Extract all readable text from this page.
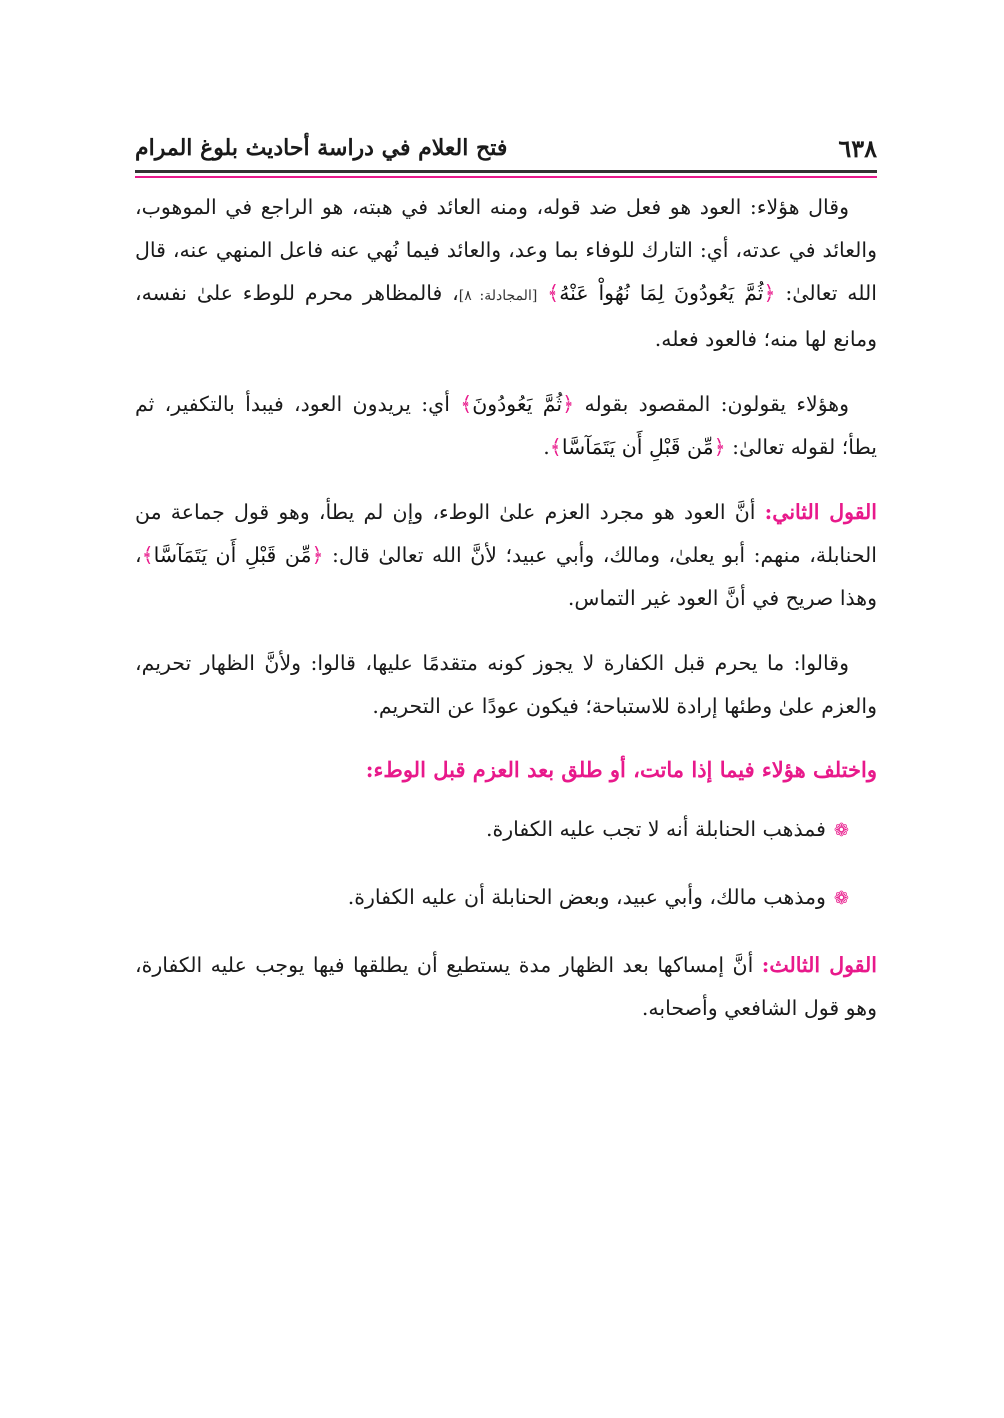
٦٣٨
فتح العلام في دراسة أحاديث بلوغ المرام

وقال هؤلاء: العود هو فعل ضد قوله، ومنه العائد في هبته، هو الراجع في الموهوب، والعائد في عدته، أي: التارك للوفاء بما وعد، والعائد فيما نُهي عنه فاعل المنهي عنه، قال الله تعالىٰ: ﴿ثُمَّ يَعُودُونَ لِمَا نُهُواْ عَنْهُ﴾ [المجادلة: ٨]، فالمظاهر محرم للوطء علىٰ نفسه، ومانع لها منه؛ فالعود فعله.

وهؤلاء يقولون: المقصود بقوله ﴿ثُمَّ يَعُودُونَ﴾ أي: يريدون العود، فيبدأ بالتكفير، ثم يطأ؛ لقوله تعالىٰ: ﴿مِّن قَبْلِ أَن يَتَمَآسَّا﴾.

القول الثاني: أنَّ العود هو مجرد العزم علىٰ الوطء، وإن لم يطأ، وهو قول جماعة من الحنابلة، منهم: أبو يعلىٰ، ومالك، وأبي عبيد؛ لأنَّ الله تعالىٰ قال: ﴿مِّن قَبْلِ أَن يَتَمَآسَّا﴾، وهذا صريح في أنَّ العود غير التماس.

وقالوا: ما يحرم قبل الكفارة لا يجوز كونه متقدمًا عليها، قالوا: ولأنَّ الظهار تحريم، والعزم علىٰ وطئها إرادة للاستباحة؛ فيكون عودًا عن التحريم.

واختلف هؤلاء فيما إذا ماتت، أو طلق بعد العزم قبل الوطء:

❁فمذهب الحنابلة أنه لا تجب عليه الكفارة.

❁ومذهب مالك، وأبي عبيد، وبعض الحنابلة أن عليه الكفارة.

القول الثالث: أنَّ إمساكها بعد الظهار مدة يستطيع أن يطلقها فيها يوجب عليه الكفارة، وهو قول الشافعي وأصحابه.
